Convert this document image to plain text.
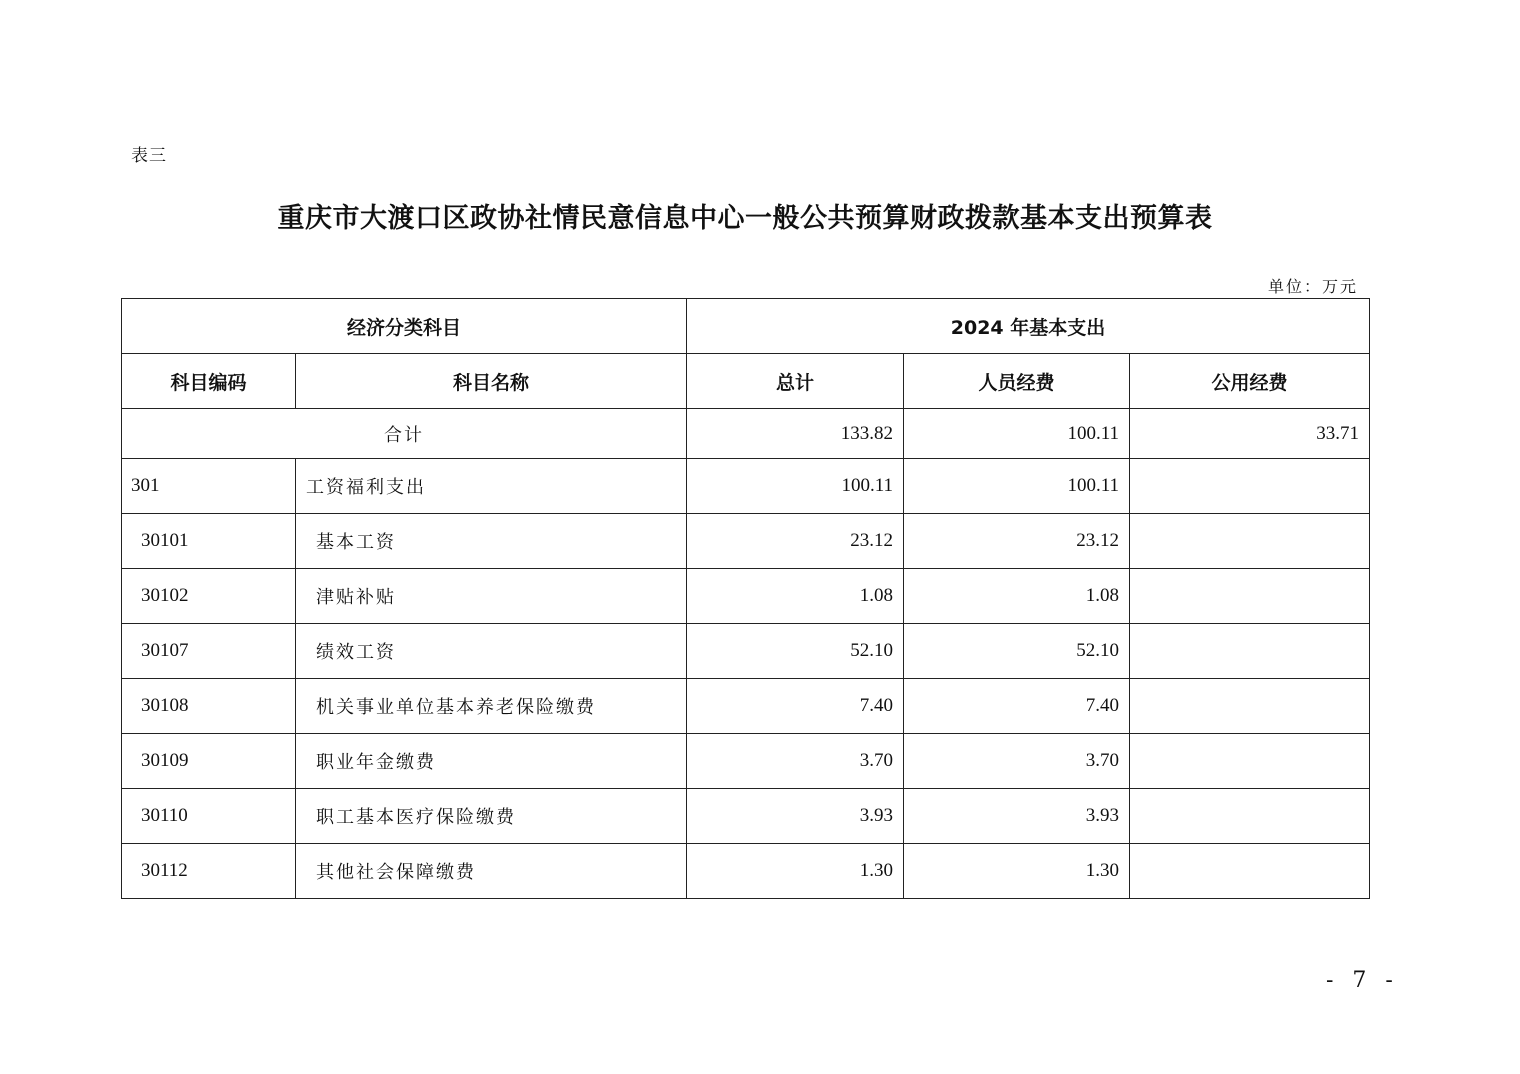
表三
重庆市大渡口区政协社情民意信息中心一般公共预算财政拨款基本支出预算表
单位：万元
经济分类科目		2024 年基本支出		
科目编码	科目名称	总计	人员经费	公用经费
合计		133.82	100.11	33.71
301	工资福利支出	100.11	100.11	
30101	基本工资	23.12	23.12	
30102	津贴补贴	1.08	1.08	
30107	绩效工资	52.10	52.10	
30108	机关事业单位基本养老保险缴费	7.40	7.40	
30109	职业年金缴费	3.70	3.70	
30110	职工基本医疗保险缴费	3.93	3.93	
30112	其他社会保障缴费	1.30	1.30	
- 7 -
